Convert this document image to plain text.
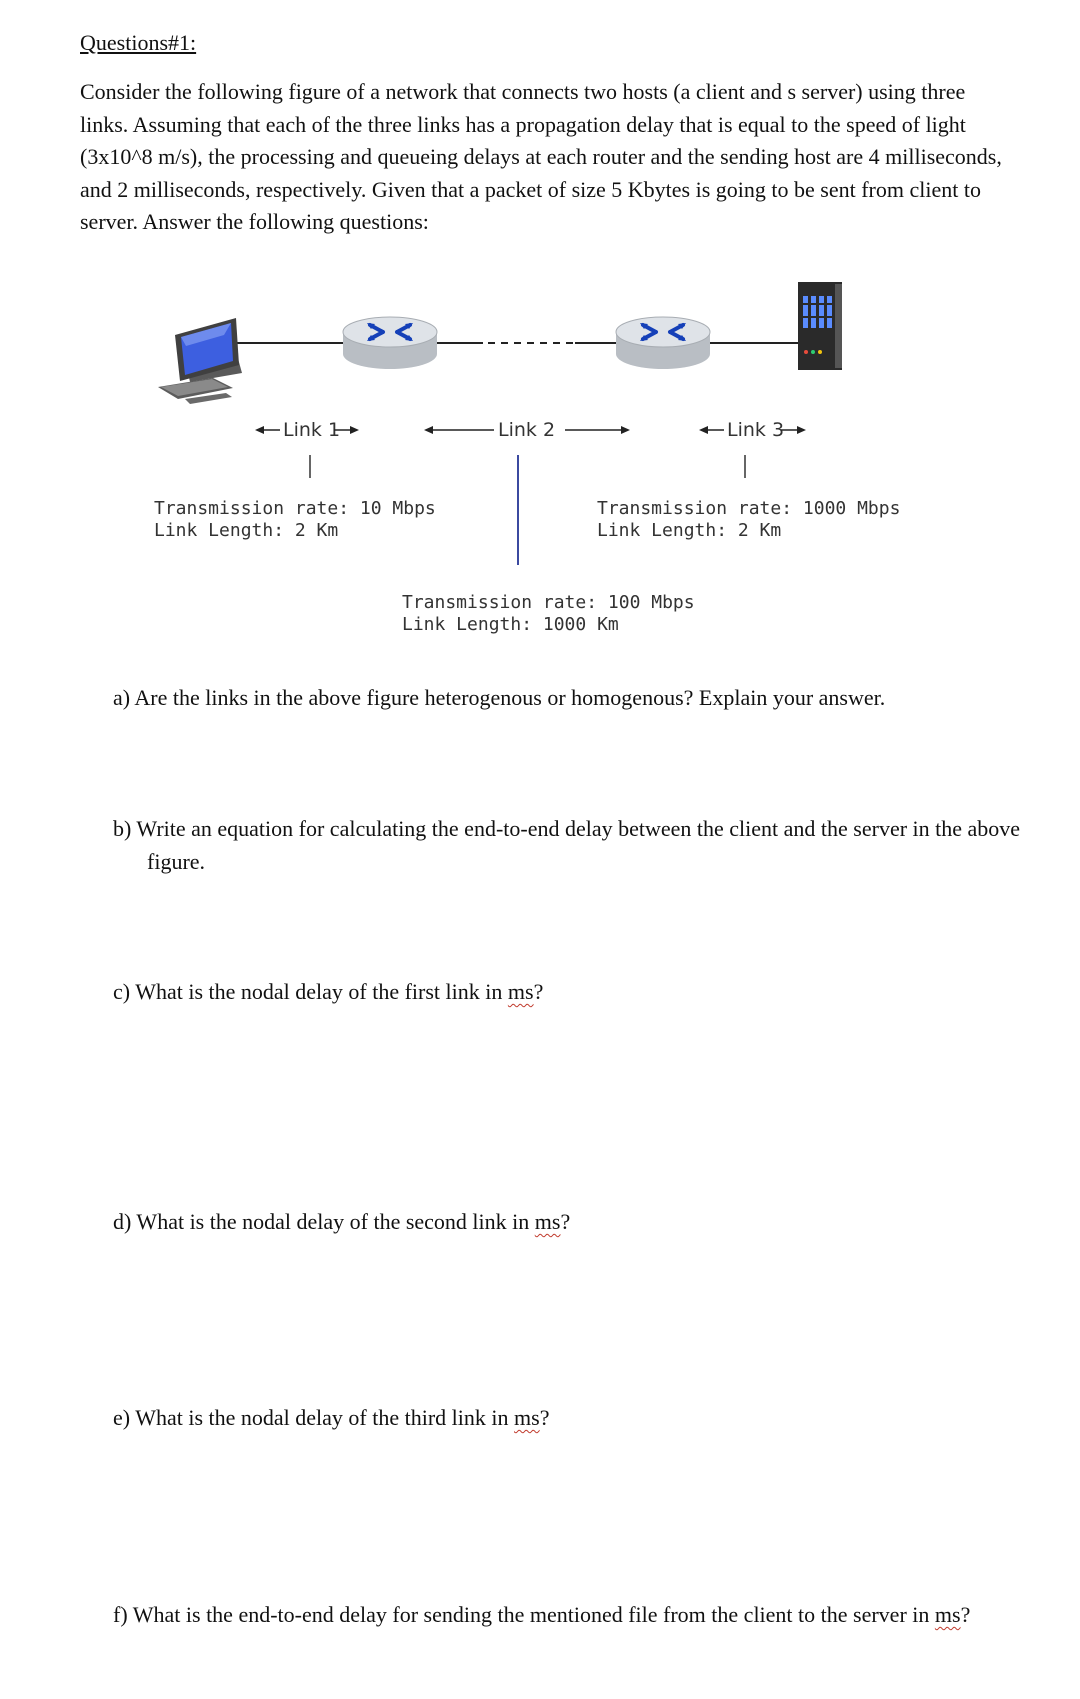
Questions#1:
Consider the following figure of a network that connects two hosts (a client and s server) using three links. Assuming that each of the three links has a propagation delay that is equal to the speed of light (3x10^8 m/s), the processing and queueing delays at each router and the sending host are 4 milliseconds, and 2 milliseconds, respectively. Given that a packet of size 5 Kbytes is going to be sent from client to server. Answer the following questions:
Link 1	Link 2	Link 3
Transmission rate: 10 Mbps
Link Length: 2 Km
Transmission rate: 1000 Mbps
Link Length: 2 Km
Transmission rate: 100 Mbps
Link Length: 1000 Km
a) Are the links in the above figure heterogenous or homogenous? Explain your answer.
b) Write an equation for calculating the end-to-end delay between the client and the server in the above figure.
c) What is the nodal delay of the first link in ms?
d) What is the nodal delay of the second link in ms?
e) What is the nodal delay of the third link in ms?
f) What is the end-to-end delay for sending the mentioned file from the client to the server in ms?
